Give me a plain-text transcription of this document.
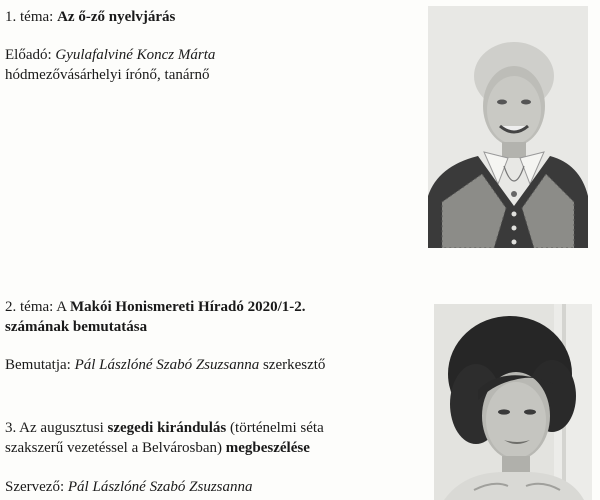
1. téma: Az ő-ző nyelvjárás
Előadó: Gyulafalviné Koncz Márta
hódmezővásárhelyi írónő, tanárnő
2. téma: A Makói Honismereti Híradó 2020/1-2.
számának bemutatása
Bemutatja: Pál Lászlóné Szabó Zsuzsanna szerkesztő
3. Az augusztusi szegedi kirándulás (történelmi séta
szakszerű vezetéssel a Belvárosban) megbeszélése
Szervező: Pál Lászlóné Szabó Zsuzsanna
